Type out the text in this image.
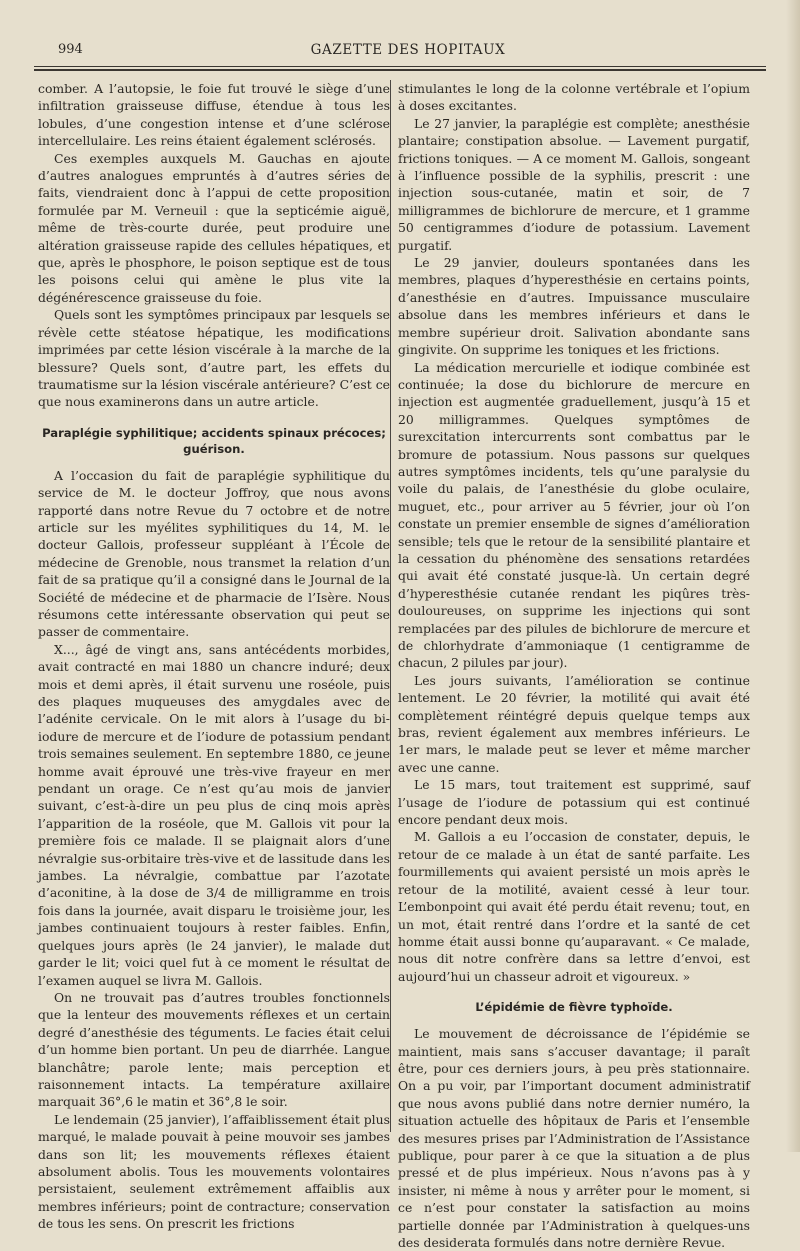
994	GAZETTE DES HOPITAUX

comber. A l’autopsie, le foie fut trouvé le siège d’une infiltration graisseuse diffuse, étendue à tous les lobules, d’une congestion intense et d’une sclérose intercellulaire. Les reins étaient également sclérosés.

Ces exemples auxquels M. Gauchas en ajoute d’autres analogues empruntés à d’autres séries de faits, viendraient donc à l’appui de cette proposition formulée par M. Verneuil : que la septicémie aiguë, même de très-courte durée, peut produire une altération graisseuse rapide des cellules hépatiques, et que, après le phosphore, le poison septique est de tous les poisons celui qui amène le plus vite la dégénérescence graisseuse du foie.

Quels sont les symptômes principaux par lesquels se révèle cette stéatose hépatique, les modifications imprimées par cette lésion viscérale à la marche de la blessure? Quels sont, d’autre part, les effets du traumatisme sur la lésion viscérale antérieure? C’est ce que nous examinerons dans un autre article.

Paraplégie syphilitique; accidents spinaux précoces; guérison.

A l’occasion du fait de paraplégie syphilitique du service de M. le docteur Joffroy, que nous avons rapporté dans notre Revue du 7 octobre et de notre article sur les myélites syphilitiques du 14, M. le docteur Gallois, professeur suppléant à l’École de médecine de Grenoble, nous transmet la relation d’un fait de sa pratique qu’il a consigné dans le Journal de la Société de médecine et de pharmacie de l’Isère. Nous résumons cette intéressante observation qui peut se passer de commentaire.

X..., âgé de vingt ans, sans antécédents morbides, avait contracté en mai 1880 un chancre induré; deux mois et demi après, il était survenu une roséole, puis des plaques muqueuses des amygdales avec de l’adénite cervicale. On le mit alors à l’usage du bi-iodure de mercure et de l’iodure de potassium pendant trois semaines seulement. En septembre 1880, ce jeune homme avait éprouvé une très-vive frayeur en mer pendant un orage. Ce n’est qu’au mois de janvier suivant, c’est-à-dire un peu plus de cinq mois après l’apparition de la roséole, que M. Gallois vit pour la première fois ce malade. Il se plaignait alors d’une névralgie sus-orbitaire très-vive et de lassitude dans les jambes. La névralgie, combattue par l’azotate d’aconitine, à la dose de 3/4 de milligramme en trois fois dans la journée, avait disparu le troisième jour, les jambes continuaient toujours à rester faibles. Enfin, quelques jours après (le 24 janvier), le malade dut garder le lit; voici quel fut à ce moment le résultat de l’examen auquel se livra M. Gallois.

On ne trouvait pas d’autres troubles fonctionnels que la lenteur des mouvements réflexes et un certain degré d’anesthésie des téguments. Le facies était celui d’un homme bien portant. Un peu de diarrhée. Langue blanchâtre; parole lente; mais perception et raisonnement intacts. La température axillaire marquait 36°,6 le matin et 36°,8 le soir.

Le lendemain (25 janvier), l’affaiblissement était plus marqué, le malade pouvait à peine mouvoir ses jambes dans son lit; les mouvements réflexes étaient absolument abolis. Tous les mouvements volontaires persistaient, seulement extrêmement affaiblis aux membres inférieurs; point de contracture; conservation de tous les sens. On prescrit les frictions

stimulantes le long de la colonne vertébrale et l’opium à doses excitantes.

Le 27 janvier, la paraplégie est complète; anesthésie plantaire; constipation absolue. — Lavement purgatif, frictions toniques. — A ce moment M. Gallois, songeant à l’influence possible de la syphilis, prescrit : une injection sous-cutanée, matin et soir, de 7 milligrammes de bichlorure de mercure, et 1 gramme 50 centigrammes d’iodure de potassium. Lavement purgatif.

Le 29 janvier, douleurs spontanées dans les membres, plaques d’hyperesthésie en certains points, d’anesthésie en d’autres. Impuissance musculaire absolue dans les membres inférieurs et dans le membre supérieur droit. Salivation abondante sans gingivite. On supprime les toniques et les frictions.

La médication mercurielle et iodique combinée est continuée; la dose du bichlorure de mercure en injection est augmentée graduellement, jusqu’à 15 et 20 milligrammes. Quelques symptômes de surexcitation intercurrents sont combattus par le bromure de potassium. Nous passons sur quelques autres symptômes incidents, tels qu’une paralysie du voile du palais, de l’anesthésie du globe oculaire, muguet, etc., pour arriver au 5 février, jour où l’on constate un premier ensemble de signes d’amélioration sensible; tels que le retour de la sensibilité plantaire et la cessation du phénomène des sensations retardées qui avait été constaté jusque-là. Un certain degré d’hyperesthésie cutanée rendant les piqûres très-douloureuses, on supprime les injections qui sont remplacées par des pilules de bichlorure de mercure et de chlorhydrate d’ammoniaque (1 centigramme de chacun, 2 pilules par jour).

Les jours suivants, l’amélioration se continue lentement. Le 20 février, la motilité qui avait été complètement réintégré depuis quelque temps aux bras, revient également aux membres inférieurs. Le 1er mars, le malade peut se lever et même marcher avec une canne.

Le 15 mars, tout traitement est supprimé, sauf l’usage de l’iodure de potassium qui est continué encore pendant deux mois.

M. Gallois a eu l’occasion de constater, depuis, le retour de ce malade à un état de santé parfaite. Les fourmillements qui avaient persisté un mois après le retour de la motilité, avaient cessé à leur tour. L’embonpoint qui avait été perdu était revenu; tout, en un mot, était rentré dans l’ordre et la santé de cet homme était aussi bonne qu’auparavant. « Ce malade, nous dit notre confrère dans sa lettre d’envoi, est aujourd’hui un chasseur adroit et vigoureux. »

L’épidémie de fièvre typhoïde.

Le mouvement de décroissance de l’épidémie se maintient, mais sans s’accuser davantage; il paraît être, pour ces derniers jours, à peu près stationnaire. On a pu voir, par l’important document administratif que nous avons publié dans notre dernier numéro, la situation actuelle des hôpitaux de Paris et l’ensemble des mesures prises par l’Administration de l’Assistance publique, pour parer à ce que la situation a de plus pressé et de plus impérieux. Nous n’avons pas à y insister, ni même à nous y arrêter pour le moment, si ce n’est pour constater la satisfaction au moins partielle donnée par l’Administration à quelques-uns des desiderata formulés dans notre dernière Revue.
